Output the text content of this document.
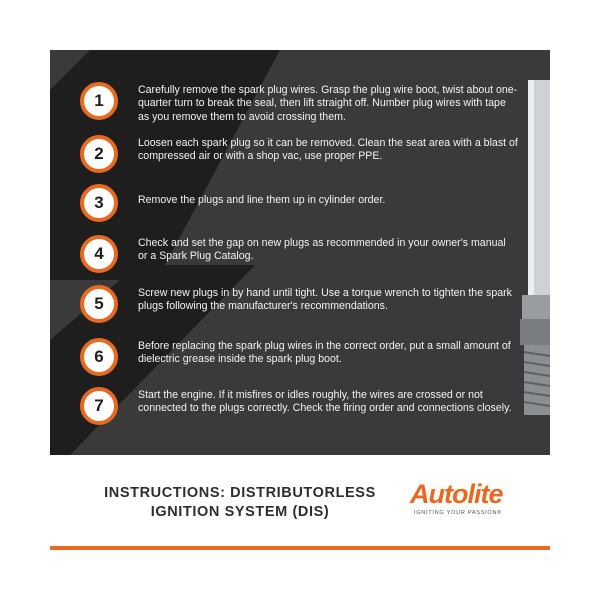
1
Carefully remove the spark plug wires. Grasp the plug wire boot, twist about one-quarter turn to break the seal, then lift straight off. Number plug wires with tape as you remove them to avoid crossing them.
2
Loosen each spark plug so it can be removed. Clean the seat area with a blast of compressed air or with a shop vac, use proper PPE.
3	Remove the plugs and line them up in cylinder order.
4
Check and set the gap on new plugs as recommended in your owner's manual or a Spark Plug Catalog.
5
Screw new plugs in by hand until tight. Use a torque wrench to tighten the spark plugs following the manufacturer's recommendations.
6
Before replacing the spark plug wires in the correct order, put a small amount of dielectric grease inside the spark plug boot.
7
Start the engine. If it misfires or idles roughly, the wires are crossed or not connected to the plugs correctly. Check the firing order and connections closely.
INSTRUCTIONS: DISTRIBUTORLESS
IGNITION SYSTEM (DIS)
Autolite
IGNITING YOUR PASSION®
